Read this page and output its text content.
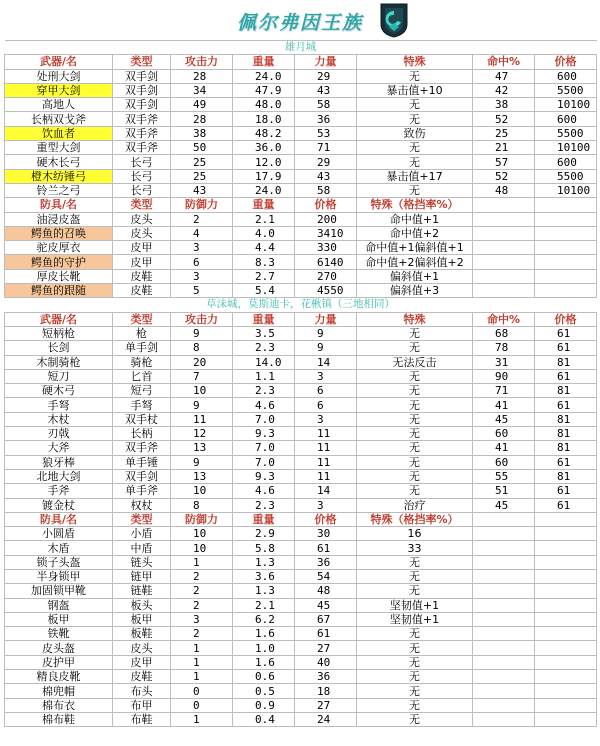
佩尔弗因王族
雄月城							
武器/名	类型	攻击力	重量	力量	特殊	命中%	价格
处刑大剑	双手剑	28	24.0	29	无	47	600
穿甲大剑	双手剑	34	47.9	43	暴击值+10	42	5500
高地人	双手剑	49	48.0	58	无	38	10100
长柄双戈斧	双手斧	28	18.0	36	无	52	600
饮血者	双手斧	38	48.2	53	致伤	25	5500
重型大剑	双手斧	50	36.0	71	无	21	10100
硬木长弓	长弓	25	12.0	29	无	57	600
橙木纺锤弓	长弓	25	17.9	43	暴击值+17	52	5500
铃兰之弓	长弓	43	24.0	58	无	48	10100
防具/名	类型	防御力	重量	价格	特殊（格挡率%）		
油浸皮盔	皮头	2	2.1	200	命中值+1		
鳄鱼的召唤	皮头	4	4.0	3410	命中值+2		
驼皮厚衣	皮甲	3	4.4	330	命中值+1偏斜值+1		
鳄鱼的守护	皮甲	6	8.3	6140	命中值+2偏斜值+2		
厚皮长靴	皮鞋	3	2.7	270	偏斜值+1		
鳄鱼的跟随	皮鞋	5	5.4	4550	偏斜值+3		
草沫城，莫斯迪卡，花楸镇（三地相同）							
武器/名	类型	攻击力	重量	力量	特殊	命中%	价格
短柄枪	枪	9	3.5	9	无	68	61
长剑	单手剑	8	2.3	9	无	78	61
木制骑枪	骑枪	20	14.0	14	无法反击	31	81
短刀	匕首	7	1.1	3	无	90	61
硬木弓	短弓	10	2.3	6	无	71	81
手弩	手弩	9	4.6	6	无	41	61
木杖	双手杖	11	7.0	3	无	45	81
刃戟	长柄	12	9.3	11	无	60	81
大斧	双手斧	13	7.0	11	无	41	81
狼牙棒	单手锤	9	7.0	11	无	60	61
北地大剑	双手剑	13	9.3	11	无	55	81
手斧	单手斧	10	4.6	14	无	51	61
镀金杖	权杖	8	2.3	3	治疗	45	61
防具/名	类型	防御力	重量	价格	特殊（格挡率%）		
小圆盾	小盾	10	2.9	30	16		
木盾	中盾	10	5.8	61	33		
锁子头盔	链头	1	1.3	36	无		
半身锁甲	链甲	2	3.6	54	无		
加固锁甲靴	链鞋	2	1.3	48	无		
钢盔	板头	2	2.1	45	坚韧值+1		
板甲	板甲	3	6.2	67	坚韧值+1		
铁靴	板鞋	2	1.6	61	无		
皮头盔	皮头	1	1.0	27	无		
皮护甲	皮甲	1	1.6	40	无		
精良皮靴	皮鞋	1	0.6	36	无		
棉兜帽	布头	0	0.5	18	无		
棉布衣	布甲	0	0.9	27	无		
棉布鞋	布鞋	1	0.4	24	无		
